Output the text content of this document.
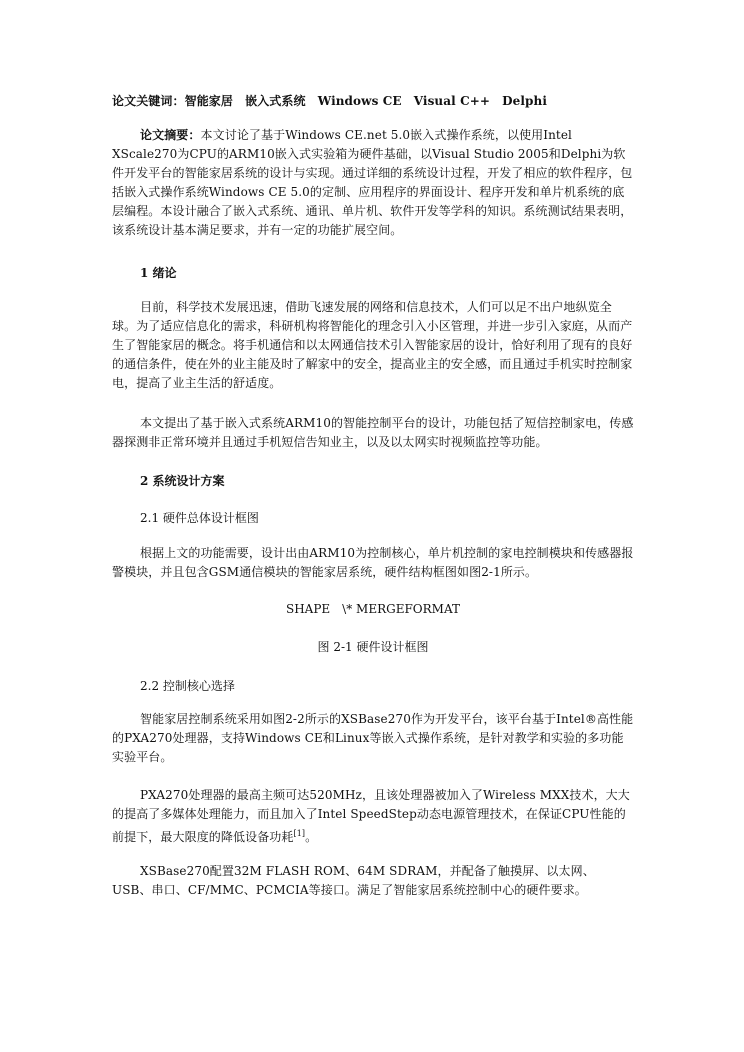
论文关键词：智能家居　嵌入式系统　Windows CE　Visual C++　Delphi
论文摘要：本文讨论了基于Windows CE.net 5.0嵌入式操作系统，以使用Intel XScale270为CPU的ARM10嵌入式实验箱为硬件基础，以Visual Studio 2005和Delphi为软件开发平台的智能家居系统的设计与实现。通过详细的系统设计过程，开发了相应的软件程序，包括嵌入式操作系统Windows CE 5.0的定制、应用程序的界面设计、程序开发和单片机系统的底层编程。本设计融合了嵌入式系统、通讯、单片机、软件开发等学科的知识。系统测试结果表明，该系统设计基本满足要求，并有一定的功能扩展空间。
1 绪论
目前，科学技术发展迅速，借助飞速发展的网络和信息技术，人们可以足不出户地纵览全球。为了适应信息化的需求，科研机构将智能化的理念引入小区管理，并进一步引入家庭，从而产生了智能家居的概念。将手机通信和以太网通信技术引入智能家居的设计，恰好利用了现有的良好的通信条件，使在外的业主能及时了解家中的安全，提高业主的安全感，而且通过手机实时控制家电，提高了业主生活的舒适度。
本文提出了基于嵌入式系统ARM10的智能控制平台的设计，功能包括了短信控制家电，传感器探测非正常环境并且通过手机短信告知业主，以及以太网实时视频监控等功能。
2 系统设计方案
2.1 硬件总体设计框图
根据上文的功能需要，设计出由ARM10为控制核心，单片机控制的家电控制模块和传感器报警模块，并且包含GSM通信模块的智能家居系统，硬件结构框图如图2-1所示。
SHAPE　\* MERGEFORMAT
图 2-1 硬件设计框图
2.2 控制核心选择
智能家居控制系统采用如图2-2所示的XSBase270作为开发平台，该平台基于Intel®高性能的PXA270处理器，支持Windows CE和Linux等嵌入式操作系统，是针对教学和实验的多功能实验平台。
PXA270处理器的最高主频可达520MHz，且该处理器被加入了Wireless MXX技术，大大的提高了多媒体处理能力，而且加入了Intel SpeedStep动态电源管理技术，在保证CPU性能的前提下，最大限度的降低设备功耗[1]。
XSBase270配置32M FLASH ROM、64M SDRAM，并配备了触摸屏、以太网、USB、串口、CF/MMC、PCMCIA等接口。满足了智能家居系统控制中心的硬件要求。
